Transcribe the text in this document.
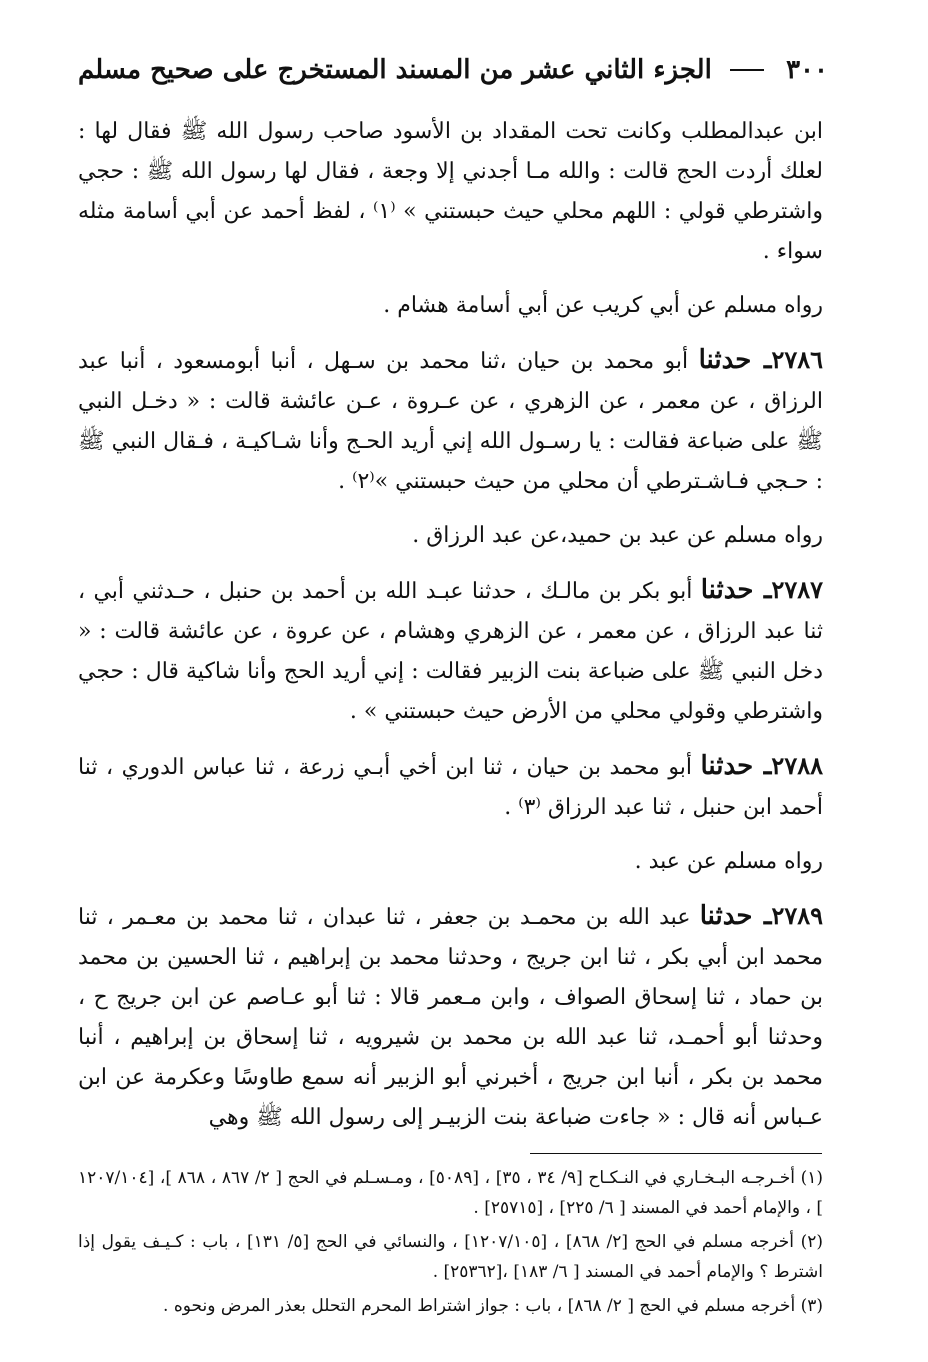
٣٠٠
الجزء الثاني عشر من المسند المستخرج على صحيح مسلم

ابن عبدالمطلب وكانت تحت المقداد بن الأسود صاحب رسول الله ﷺ فقال لها : لعلك أردت الحج قالت : والله مـا أجدني إلا وجعة ، فقال لها رسول الله ﷺ : حجي واشترطي قولي : اللهم محلي حيث حبستني » ⁽١⁾ ، لفظ أحمد عن أبي أسامة مثله سواء .

رواه مسلم عن أبي كريب عن أبي أسامة هشام .

٢٧٨٦ـ حدثنا أبو محمد بن حيان ،ثنا محمد بن سـهل ، أنبا أبومسعود ، أنبا عبد الرزاق ، عن معمر ، عن الزهري ، عن عـروة ، عـن عائشة قالت : « دخـل النبي ﷺ على ضباعة فقالت : يا رسـول الله إني أريد الحـج وأنا شـاكيـة ، فـقال النبي ﷺ : حـجي فـاشـترطي أن محلي من حيث حبستني »⁽٢⁾ .

رواه مسلم عن عبد بن حميد،عن عبد الرزاق .

٢٧٨٧ـ حدثنا أبو بكر بن مالـك ، حدثنا عبـد الله بن أحمد بن حنبل ، حـدثني أبي ، ثنا عبد الرزاق ، عن معمر ، عن الزهري وهشام ، عن عروة ، عن عائشة قالت : « دخل النبي ﷺ على ضباعة بنت الزبير فقالت : إني أريد الحج وأنا شاكية قال : حجي واشترطي وقولي محلي من الأرض حيث حبستني » .

٢٧٨٨ـ حدثنا أبو محمد بن حيان ، ثنا ابن أخي أبـي زرعة ، ثنا عباس الدوري ، ثنا أحمد ابن حنبل ، ثنا عبد الرزاق ⁽٣⁾ .

رواه مسلم عن عبد .

٢٧٨٩ـ حدثنا عبد الله بن محمـد بن جعفر ، ثنا عبدان ، ثنا محمد بن معـمر ، ثنا محمد ابن أبي بكر ، ثنا ابن جريج ، وحدثنا محمد بن إبراهيم ، ثنا الحسين بن محمد بن حماد ، ثنا إسحاق الصواف ، وابن مـعمر قالا : ثنا أبو عـاصم عن ابن جريج ح ، وحدثنا أبو أحمـد، ثنا عبد الله بن محمد بن شيرويه ، ثنا إسحاق بن إبراهيم ، أنبا محمد بن بكر ، أنبا ابن جريج ، أخبرني أبو الزبير أنه سمع طاوسًا وعكرمة عن ابن عـباس أنه قال : « جاءت ضباعة بنت الزبيـر إلى رسول الله ﷺ وهي

(١) أخـرجـه البـخـاري في النـكـاح [٩/ ٣٤ ، ٣٥] ، [٥٠٨٩] ، ومـسـلم في الحج [ ٢/ ٨٦٧ ، ٨٦٨ ]، [١٢٠٧/١٠٤ ] ، والإمام أحمد في المسند [ ٦/ ٢٢٥] ، [٢٥٧١٥] .

(٢) أخرجه مسلم في الحج [٢/ ٨٦٨] ، [١٢٠٧/١٠٥] ، والنسائي في الحج [٥/ ١٣١] ، باب : كـيـف يقول إذا اشترط ؟ والإمام أحمد في المسند [ ٦/ ١٨٣] ،[٢٥٣٦٢] .

(٣) أخرجه مسلم في الحج [ ٢/ ٨٦٨] ، باب : جواز اشتراط المحرم التحلل بعذر المرض ونحوه .
